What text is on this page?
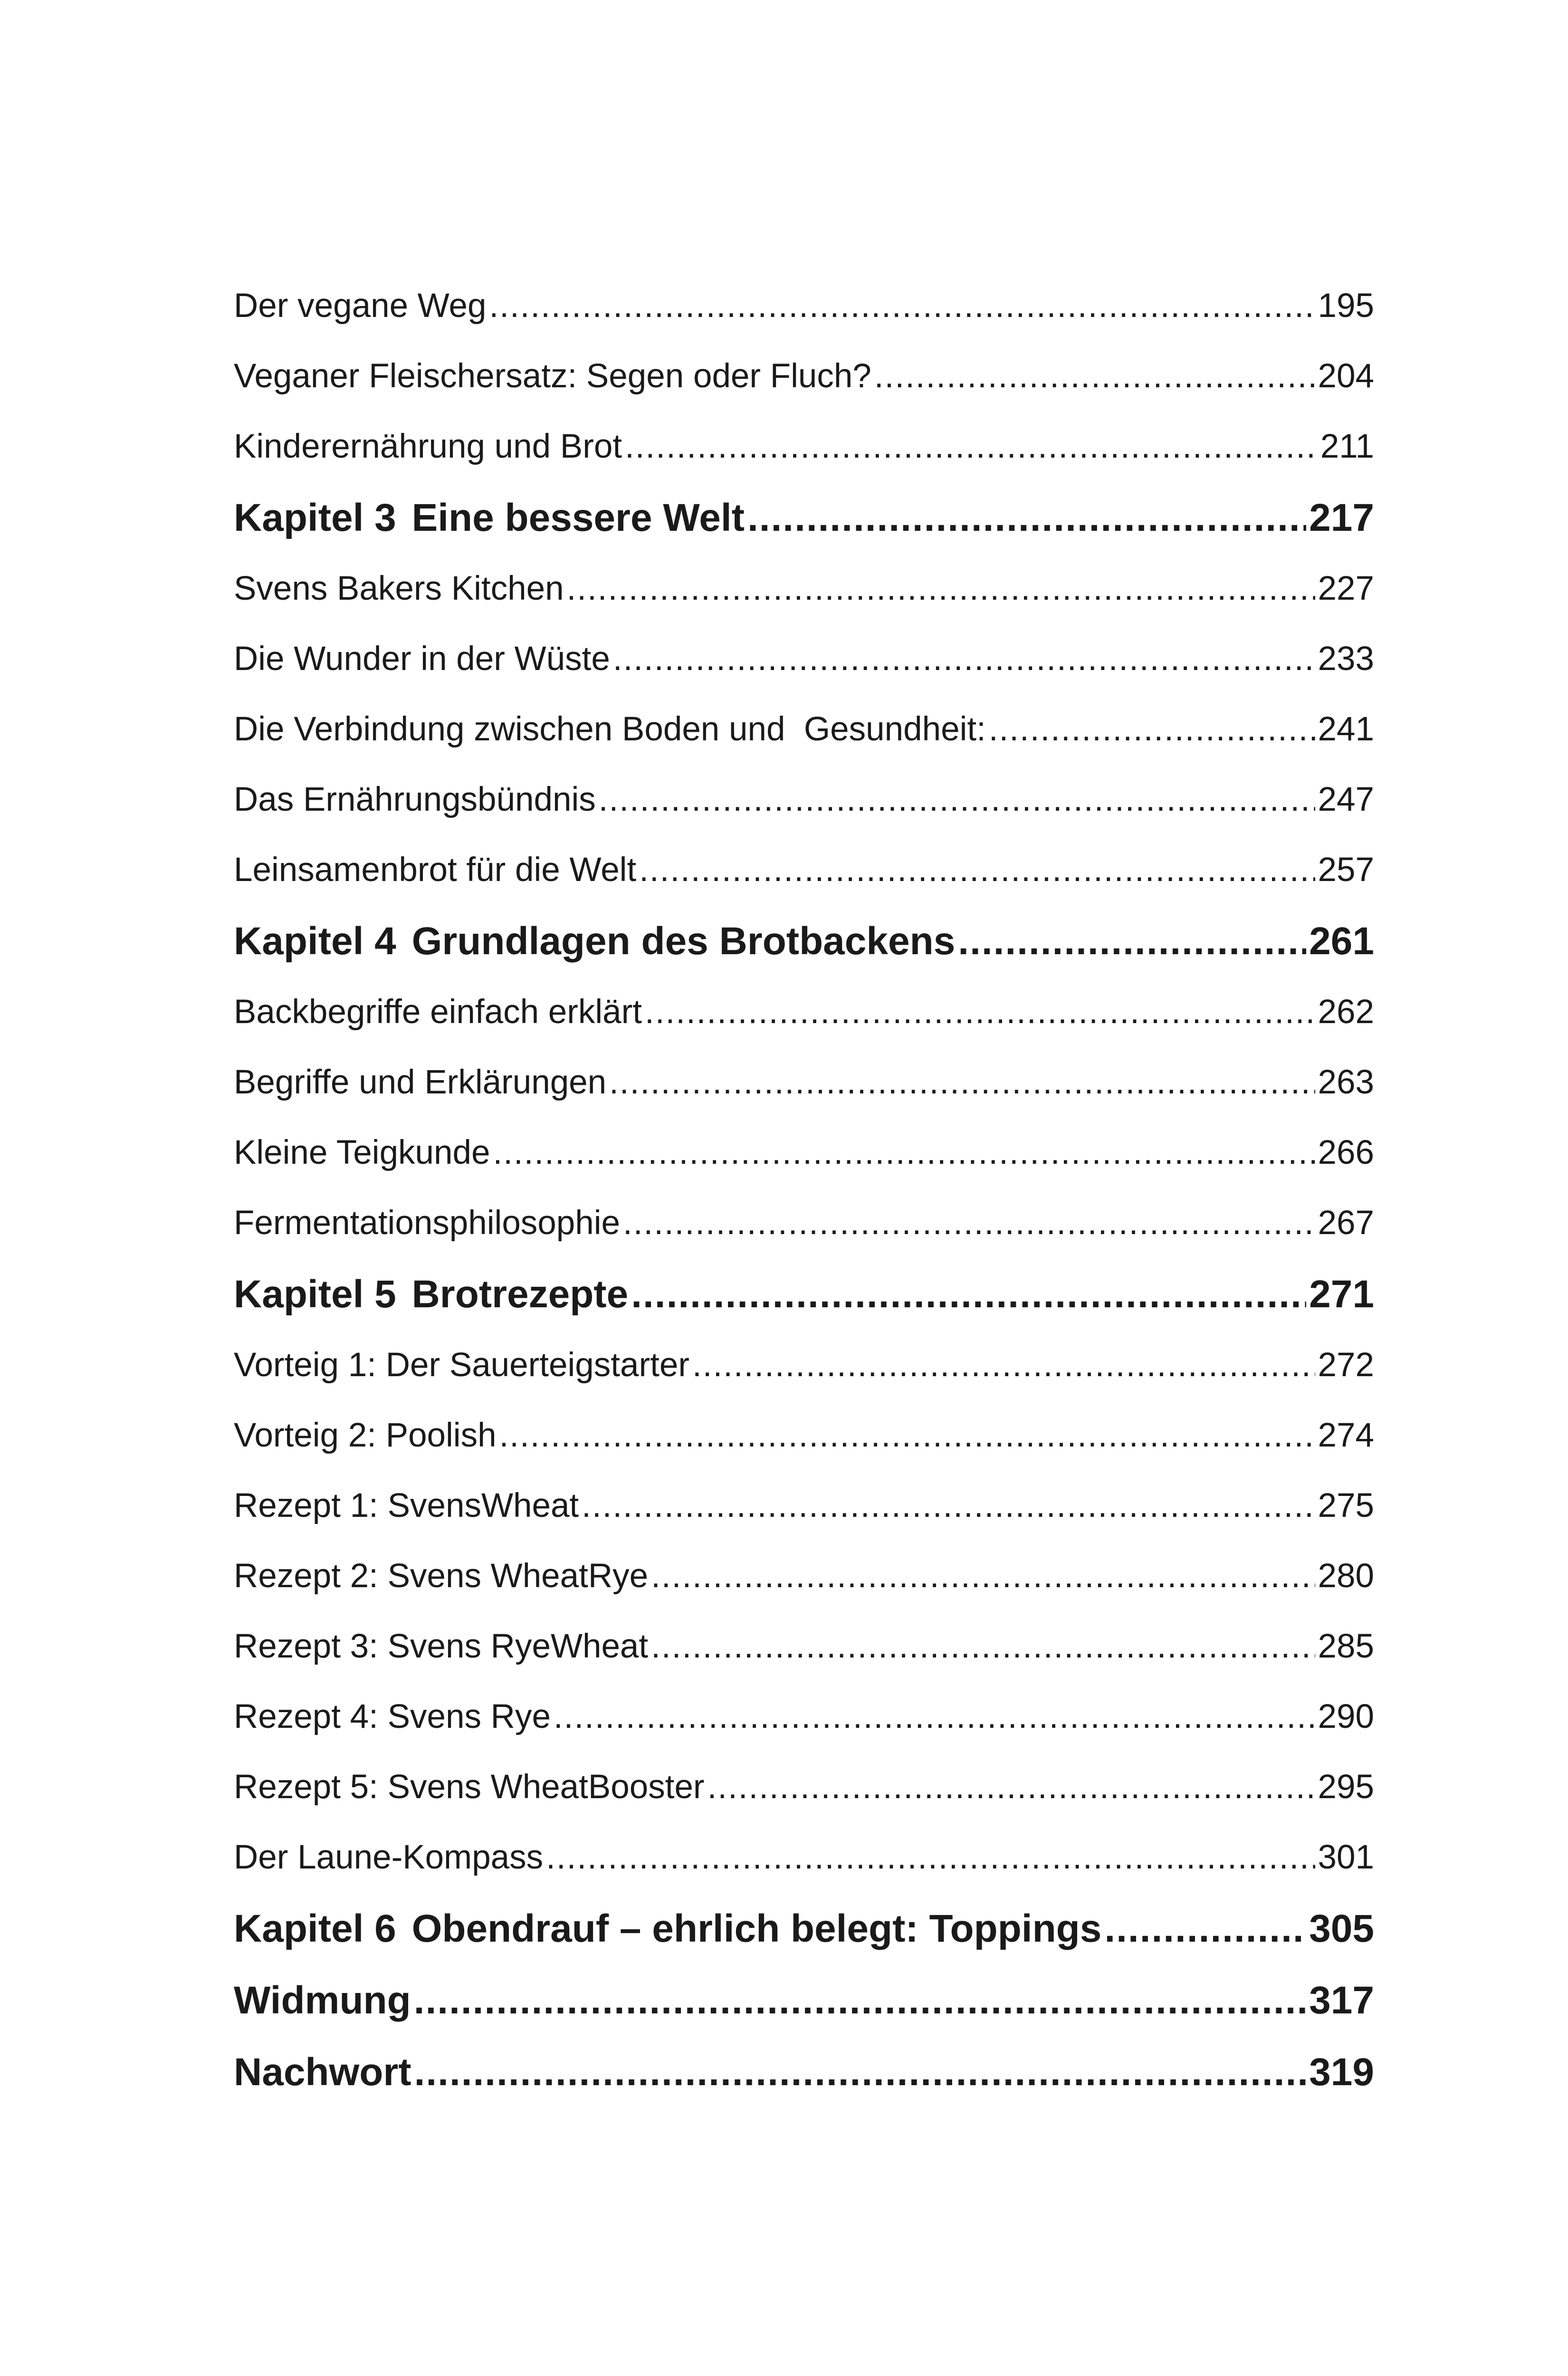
Der vegane Weg .....	195
Veganer Fleischersatz: Segen oder Fluch? .....	204
Kinderernährung und Brot .....	211
Kapitel 3 Eine bessere Welt .....	217
Svens Bakers Kitchen .....	227
Die Wunder in der Wüste .....	233
Die Verbindung zwischen Boden und  Gesundheit: .....	241
Das Ernährungsbündnis .....	247
Leinsamenbrot für die Welt .....	257
Kapitel 4 Grundlagen des Brotbackens .....	261
Backbegriffe einfach erklärt .....	262
Begriffe und Erklärungen .....	263
Kleine Teigkunde .....	266
Fermentationsphilosophie .....	267
Kapitel 5 Brotrezepte .....	271
Vorteig 1: Der Sauerteigstarter .....	272
Vorteig 2: Poolish .....	274
Rezept 1: SvensWheat .....	275
Rezept 2: Svens WheatRye .....	280
Rezept 3: Svens RyeWheat .....	285
Rezept 4: Svens Rye .....	290
Rezept 5: Svens WheatBooster .....	295
Der Laune-Kompass .....	301
Kapitel 6 Obendrauf – ehrlich belegt: Toppings .....	305
Widmung .....	317
Nachwort .....	319
